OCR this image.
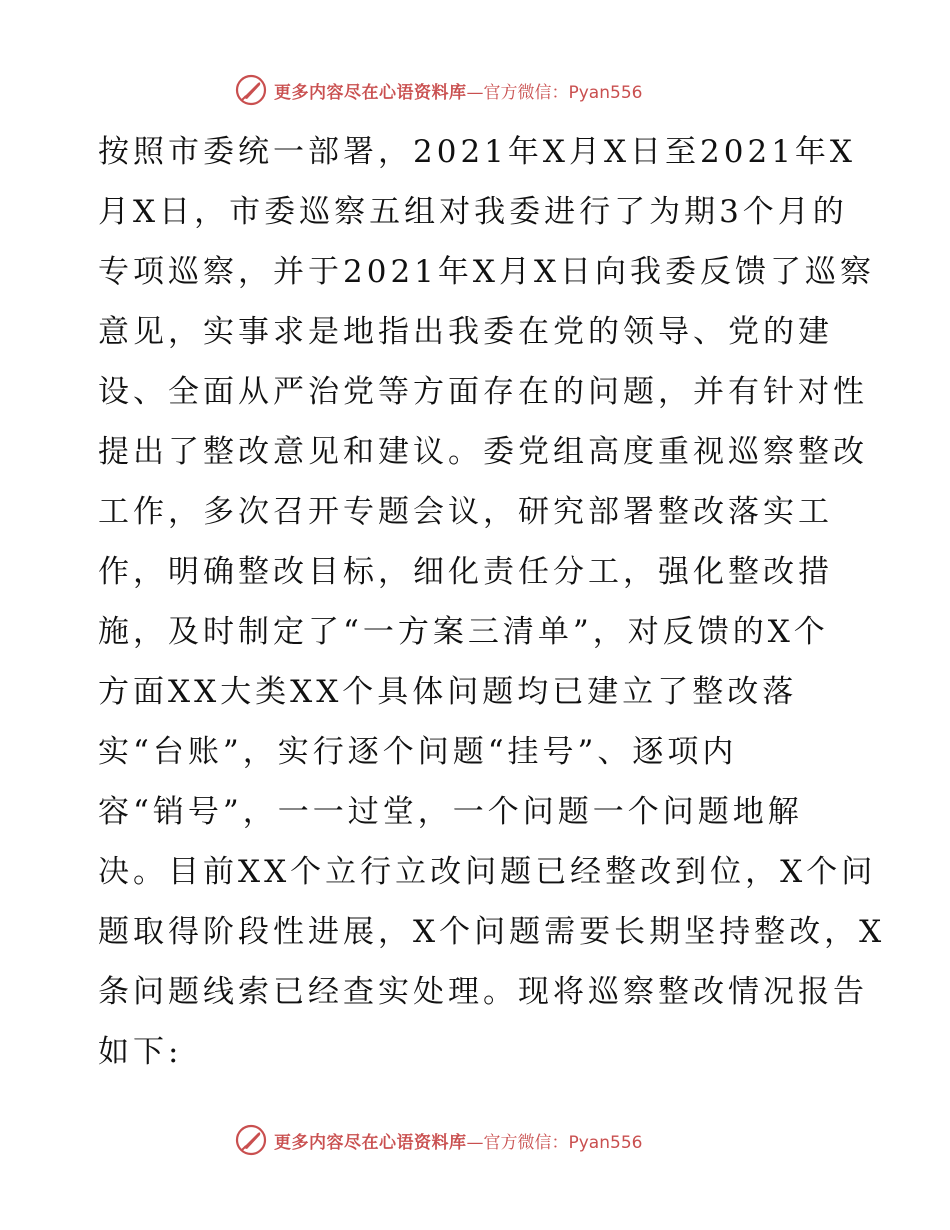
更多内容尽在心语资料库 —官方微信：Pyan556
按照市委统一部署，2021年X月X日至2021年X
月X日，市委巡察五组对我委进行了为期3个月的
专项巡察，并于2021年X月X日向我委反馈了巡察
意见，实事求是地指出我委在党的领导、党的建
设、全面从严治党等方面存在的问题，并有针对性
提出了整改意见和建议。委党组高度重视巡察整改
工作，多次召开专题会议，研究部署整改落实工
作，明确整改目标，细化责任分工，强化整改措
施，及时制定了“一方案三清单”，对反馈的X个
方面XX大类XX个具体问题均已建立了整改落
实“台账”，实行逐个问题“挂号”、逐项内
容“销号”，一一过堂，一个问题一个问题地解
决。目前XX个立行立改问题已经整改到位，X个问
题取得阶段性进展，X个问题需要长期坚持整改，X
条问题线索已经查实处理。现将巡察整改情况报告
如下:
更多内容尽在心语资料库 —官方微信：Pyan556
